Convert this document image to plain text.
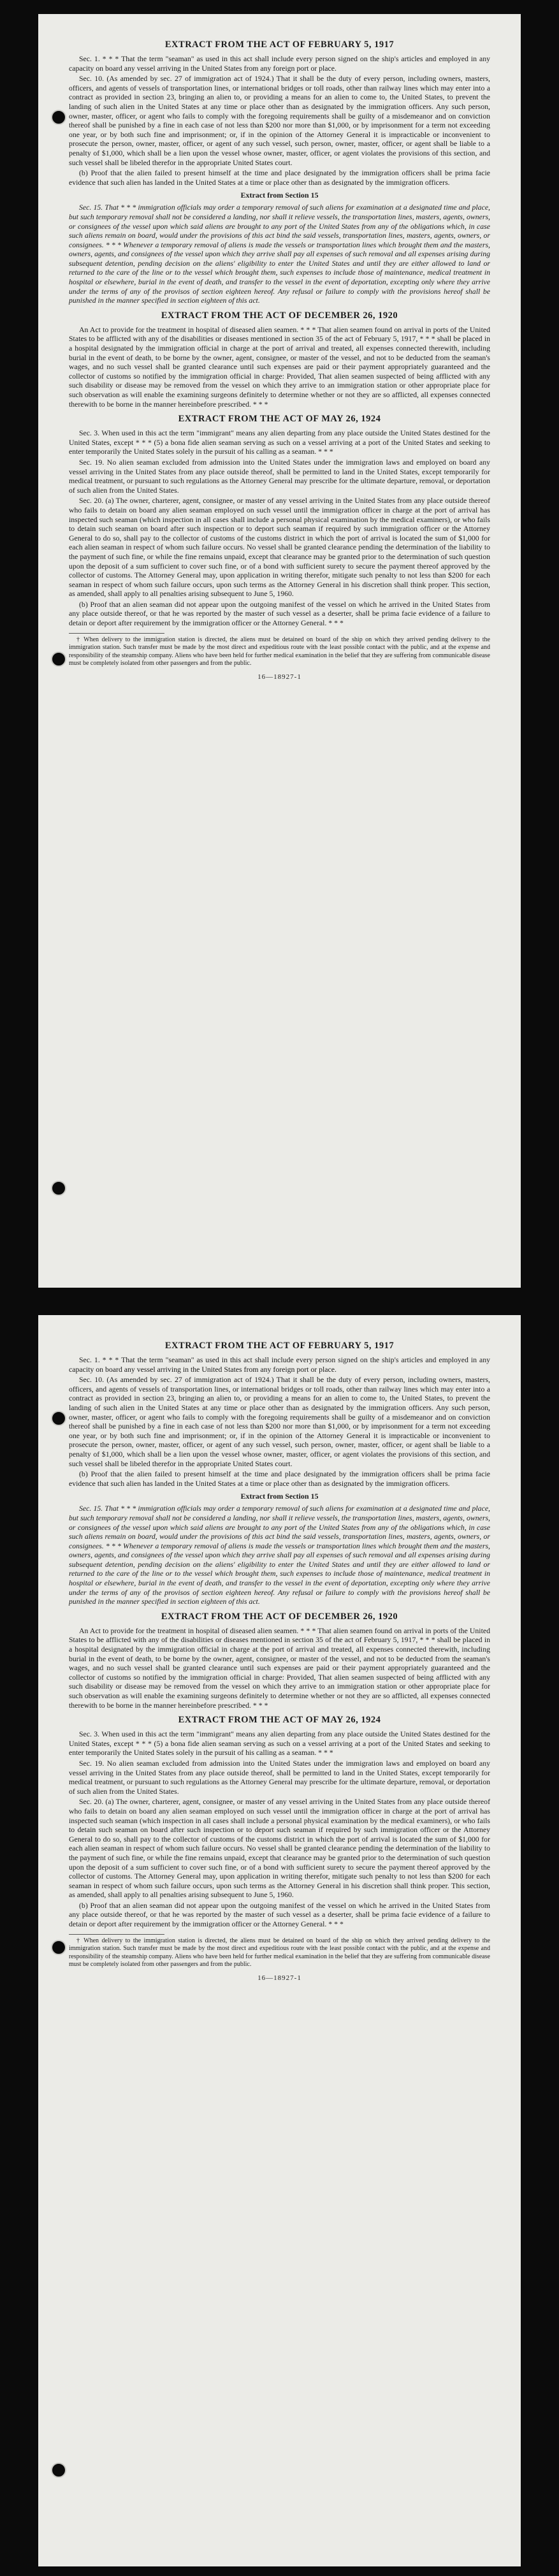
EXTRACT FROM THE ACT OF FEBRUARY 5, 1917

Sec. 1. * * * That the term "seaman" as used in this act shall include every person signed on the ship's articles and employed in any capacity on board any vessel arriving in the United States from any foreign port or place.

Sec. 10. (As amended by sec. 27 of immigration act of 1924.) That it shall be the duty of every person, including owners, masters, officers, and agents of vessels of transportation lines, or international bridges or toll roads, other than railway lines which may enter into a contract as provided in section 23, bringing an alien to, or providing a means for an alien to come to, the United States, to prevent the landing of such alien in the United States at any time or place other than as designated by the immigration officers. Any such person, owner, master, officer, or agent who fails to comply with the foregoing requirements shall be guilty of a misdemeanor and on conviction thereof shall be punished by a fine in each case of not less than $200 nor more than $1,000, or by imprisonment for a term not exceeding one year, or by both such fine and imprisonment; or, if in the opinion of the Attorney General it is impracticable or inconvenient to prosecute the person, owner, master, officer, or agent of any such vessel, such person, owner, master, officer, or agent shall be liable to a penalty of $1,000, which shall be a lien upon the vessel whose owner, master, officer, or agent violates the provisions of this section, and such vessel shall be libeled therefor in the appropriate United States court.

(b) Proof that the alien failed to present himself at the time and place designated by the immigration officers shall be prima facie evidence that such alien has landed in the United States at a time or place other than as designated by the immigration officers.

Extract from Section 15

Sec. 15. That * * * immigration officials may order a temporary removal of such aliens for examination at a designated time and place, but such temporary removal shall not be considered a landing, nor shall it relieve vessels, the transportation lines, masters, agents, owners, or consignees of the vessel upon which said aliens are brought to any port of the United States from any of the obligations which, in case such aliens remain on board, would under the provisions of this act bind the said vessels, transportation lines, masters, agents, owners, or consignees. * * * Whenever a temporary removal of aliens is made the vessels or transportation lines which brought them and the masters, owners, agents, and consignees of the vessel upon which they arrive shall pay all expenses of such removal and all expenses arising during subsequent detention, pending decision on the aliens' eligibility to enter the United States and until they are either allowed to land or returned to the care of the line or to the vessel which brought them, such expenses to include those of maintenance, medical treatment in hospital or elsewhere, burial in the event of death, and transfer to the vessel in the event of deportation, excepting only where they arrive under the terms of any of the provisos of section eighteen hereof. Any refusal or failure to comply with the provisions hereof shall be punished in the manner specified in section eighteen of this act.

EXTRACT FROM THE ACT OF DECEMBER 26, 1920

An Act to provide for the treatment in hospital of diseased alien seamen. * * * That alien seamen found on arrival in ports of the United States to be afflicted with any of the disabilities or diseases mentioned in section 35 of the act of February 5, 1917, * * * shall be placed in a hospital designated by the immigration official in charge at the port of arrival and treated, all expenses connected therewith, including burial in the event of death, to be borne by the owner, agent, consignee, or master of the vessel, and not to be deducted from the seaman's wages, and no such vessel shall be granted clearance until such expenses are paid or their payment appropriately guaranteed and the collector of customs so notified by the immigration official in charge: Provided, That alien seamen suspected of being afflicted with any such disability or disease may be removed from the vessel on which they arrive to an immigration station or other appropriate place for such observation as will enable the examining surgeons definitely to determine whether or not they are so afflicted, all expenses connected therewith to be borne in the manner hereinbefore prescribed. * * *

EXTRACT FROM THE ACT OF MAY 26, 1924

Sec. 3. When used in this act the term "immigrant" means any alien departing from any place outside the United States destined for the United States, except * * * (5) a bona fide alien seaman serving as such on a vessel arriving at a port of the United States and seeking to enter temporarily the United States solely in the pursuit of his calling as a seaman. * * *

Sec. 19. No alien seaman excluded from admission into the United States under the immigration laws and employed on board any vessel arriving in the United States from any place outside thereof, shall be permitted to land in the United States, except temporarily for medical treatment, or pursuant to such regulations as the Attorney General may prescribe for the ultimate departure, removal, or deportation of such alien from the United States.

Sec. 20. (a) The owner, charterer, agent, consignee, or master of any vessel arriving in the United States from any place outside thereof who fails to detain on board any alien seaman employed on such vessel until the immigration officer in charge at the port of arrival has inspected such seaman (which inspection in all cases shall include a personal physical examination by the medical examiners), or who fails to detain such seaman on board after such inspection or to deport such seaman if required by such immigration officer or the Attorney General to do so, shall pay to the collector of customs of the customs district in which the port of arrival is located the sum of $1,000 for each alien seaman in respect of whom such failure occurs. No vessel shall be granted clearance pending the determination of the liability to the payment of such fine, or while the fine remains unpaid, except that clearance may be granted prior to the determination of such question upon the deposit of a sum sufficient to cover such fine, or of a bond with sufficient surety to secure the payment thereof approved by the collector of customs. The Attorney General may, upon application in writing therefor, mitigate such penalty to not less than $200 for each seaman in respect of whom such failure occurs, upon such terms as the Attorney General in his discretion shall think proper. This section, as amended, shall apply to all penalties arising subsequent to June 5, 1960.

(b) Proof that an alien seaman did not appear upon the outgoing manifest of the vessel on which he arrived in the United States from any place outside thereof, or that he was reported by the master of such vessel as a deserter, shall be prima facie evidence of a failure to detain or deport after requirement by the immigration officer or the Attorney General. * * *

† When delivery to the immigration station is directed, the aliens must be detained on board of the ship on which they arrived pending delivery to the immigration station. Such transfer must be made by the most direct and expeditious route with the least possible contact with the public, and at the expense and responsibility of the steamship company. Aliens who have been held for further medical examination in the belief that they are suffering from communicable disease must be completely isolated from other passengers and from the public.

16—18927-1
EXTRACT FROM THE ACT OF FEBRUARY 5, 1917

Sec. 1. * * * That the term "seaman" as used in this act shall include every person signed on the ship's articles and employed in any capacity on board any vessel arriving in the United States from any foreign port or place.

Sec. 10. (As amended by sec. 27 of immigration act of 1924.) That it shall be the duty of every person, including owners, masters, officers, and agents of vessels of transportation lines, or international bridges or toll roads, other than railway lines which may enter into a contract as provided in section 23, bringing an alien to, or providing a means for an alien to come to, the United States, to prevent the landing of such alien in the United States at any time or place other than as designated by the immigration officers. Any such person, owner, master, officer, or agent who fails to comply with the foregoing requirements shall be guilty of a misdemeanor and on conviction thereof shall be punished by a fine in each case of not less than $200 nor more than $1,000, or by imprisonment for a term not exceeding one year, or by both such fine and imprisonment; or, if in the opinion of the Attorney General it is impracticable or inconvenient to prosecute the person, owner, master, officer, or agent of any such vessel, such person, owner, master, officer, or agent shall be liable to a penalty of $1,000, which shall be a lien upon the vessel whose owner, master, officer, or agent violates the provisions of this section, and such vessel shall be libeled therefor in the appropriate United States court.

(b) Proof that the alien failed to present himself at the time and place designated by the immigration officers shall be prima facie evidence that such alien has landed in the United States at a time or place other than as designated by the immigration officers.

Extract from Section 15

Sec. 15. That * * * immigration officials may order a temporary removal of such aliens for examination at a designated time and place, but such temporary removal shall not be considered a landing, nor shall it relieve vessels, the transportation lines, masters, agents, owners, or consignees of the vessel upon which said aliens are brought to any port of the United States from any of the obligations which, in case such aliens remain on board, would under the provisions of this act bind the said vessels, transportation lines, masters, agents, owners, or consignees. * * * Whenever a temporary removal of aliens is made the vessels or transportation lines which brought them and the masters, owners, agents, and consignees of the vessel upon which they arrive shall pay all expenses of such removal and all expenses arising during subsequent detention, pending decision on the aliens' eligibility to enter the United States and until they are either allowed to land or returned to the care of the line or to the vessel which brought them, such expenses to include those of maintenance, medical treatment in hospital or elsewhere, burial in the event of death, and transfer to the vessel in the event of deportation, excepting only where they arrive under the terms of any of the provisos of section eighteen hereof. Any refusal or failure to comply with the provisions hereof shall be punished in the manner specified in section eighteen of this act.

EXTRACT FROM THE ACT OF DECEMBER 26, 1920

An Act to provide for the treatment in hospital of diseased alien seamen. * * * That alien seamen found on arrival in ports of the United States to be afflicted with any of the disabilities or diseases mentioned in section 35 of the act of February 5, 1917, * * * shall be placed in a hospital designated by the immigration official in charge at the port of arrival and treated, all expenses connected therewith, including burial in the event of death, to be borne by the owner, agent, consignee, or master of the vessel, and not to be deducted from the seaman's wages, and no such vessel shall be granted clearance until such expenses are paid or their payment appropriately guaranteed and the collector of customs so notified by the immigration official in charge: Provided, That alien seamen suspected of being afflicted with any such disability or disease may be removed from the vessel on which they arrive to an immigration station or other appropriate place for such observation as will enable the examining surgeons definitely to determine whether or not they are so afflicted, all expenses connected therewith to be borne in the manner hereinbefore prescribed. * * *

EXTRACT FROM THE ACT OF MAY 26, 1924

Sec. 3. When used in this act the term "immigrant" means any alien departing from any place outside the United States destined for the United States, except * * * (5) a bona fide alien seaman serving as such on a vessel arriving at a port of the United States and seeking to enter temporarily the United States solely in the pursuit of his calling as a seaman. * * *

Sec. 19. No alien seaman excluded from admission into the United States under the immigration laws and employed on board any vessel arriving in the United States from any place outside thereof, shall be permitted to land in the United States, except temporarily for medical treatment, or pursuant to such regulations as the Attorney General may prescribe for the ultimate departure, removal, or deportation of such alien from the United States.

Sec. 20. (a) The owner, charterer, agent, consignee, or master of any vessel arriving in the United States from any place outside thereof who fails to detain on board any alien seaman employed on such vessel until the immigration officer in charge at the port of arrival has inspected such seaman (which inspection in all cases shall include a personal physical examination by the medical examiners), or who fails to detain such seaman on board after such inspection or to deport such seaman if required by such immigration officer or the Attorney General to do so, shall pay to the collector of customs of the customs district in which the port of arrival is located the sum of $1,000 for each alien seaman in respect of whom such failure occurs. No vessel shall be granted clearance pending the determination of the liability to the payment of such fine, or while the fine remains unpaid, except that clearance may be granted prior to the determination of such question upon the deposit of a sum sufficient to cover such fine, or of a bond with sufficient surety to secure the payment thereof approved by the collector of customs. The Attorney General may, upon application in writing therefor, mitigate such penalty to not less than $200 for each seaman in respect of whom such failure occurs, upon such terms as the Attorney General in his discretion shall think proper. This section, as amended, shall apply to all penalties arising subsequent to June 5, 1960.

(b) Proof that an alien seaman did not appear upon the outgoing manifest of the vessel on which he arrived in the United States from any place outside thereof, or that he was reported by the master of such vessel as a deserter, shall be prima facie evidence of a failure to detain or deport after requirement by the immigration officer or the Attorney General. * * *

† When delivery to the immigration station is directed, the aliens must be detained on board of the ship on which they arrived pending delivery to the immigration station. Such transfer must be made by the most direct and expeditious route with the least possible contact with the public, and at the expense and responsibility of the steamship company. Aliens who have been held for further medical examination in the belief that they are suffering from communicable disease must be completely isolated from other passengers and from the public.

16—18927-1
